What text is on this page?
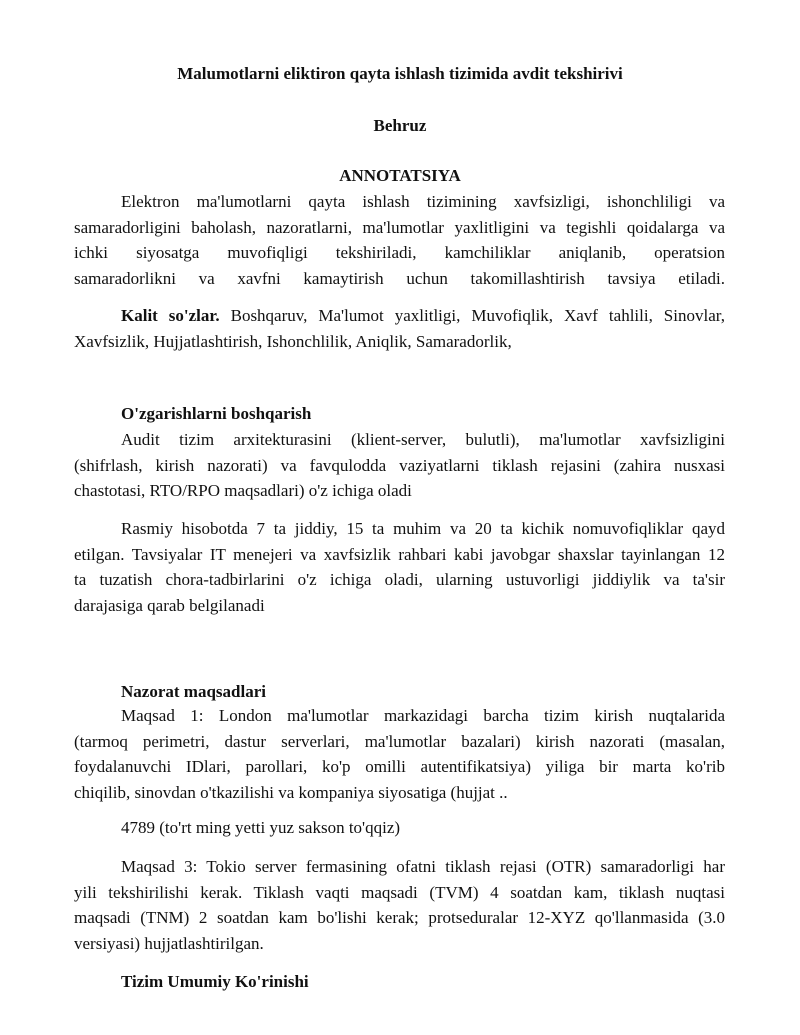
Malumotlarni eliktiron qayta ishlash tizimida avdit tekshirivi
Behruz
ANNOTATSIYA
Elektron ma'lumotlarni qayta ishlash tizimining xavfsizligi, ishonchliligi va
samaradorligini baholash, nazoratlarni, ma'lumotlar yaxlitligini va tegishli qoidalarga va
ichki siyosatga muvofiqligi tekshiriladi, kamchiliklar aniqlanib, operatsion
samaradorlikni va xavfni kamaytirish uchun takomillashtirish tavsiya etiladi.
Kalit so'zlar. Boshqaruv, Ma'lumot yaxlitligi, Muvofiqlik, Xavf tahlili, Sinovlar,
Xavfsizlik, Hujjatlashtirish, Ishonchlilik, Aniqlik, Samaradorlik,
O'zgarishlarni boshqarish
Audit tizim arxitekturasini (klient-server, bulutli), ma'lumotlar xavfsizligini
(shifrlash, kirish nazorati) va favqulodda vaziyatlarni tiklash rejasini (zahira nusxasi
chastotasi, RTO/RPO maqsadlari) o'z ichiga oladi
Rasmiy hisobotda 7 ta jiddiy, 15 ta muhim va 20 ta kichik nomuvofiqliklar qayd
etilgan. Tavsiyalar IT menejeri va xavfsizlik rahbari kabi javobgar shaxslar tayinlangan 12
ta tuzatish chora-tadbirlarini o'z ichiga oladi, ularning ustuvorligi jiddiylik va ta'sir
darajasiga qarab belgilanadi
Nazorat maqsadlari
Maqsad 1: London ma'lumotlar markazidagi barcha tizim kirish nuqtalarida
(tarmoq perimetri, dastur serverlari, ma'lumotlar bazalari) kirish nazorati (masalan,
foydalanuvchi IDlari, parollari, ko'p omilli autentifikatsiya) yiliga bir marta ko'rib
chiqilib, sinovdan o'tkazilishi va kompaniya siyosatiga (hujjat ..
4789 (to'rt ming yetti yuz sakson to'qqiz)
Maqsad 3: Tokio server fermasining ofatni tiklash rejasi (OTR) samaradorligi har
yili tekshirilishi kerak. Tiklash vaqti maqsadi (TVM) 4 soatdan kam, tiklash nuqtasi
maqsadi (TNM) 2 soatdan kam bo'lishi kerak; protseduralar 12-XYZ qo'llanmasida (3.0
versiyasi) hujjatlashtirilgan.
Tizim Umumiy Ko'rinishi
